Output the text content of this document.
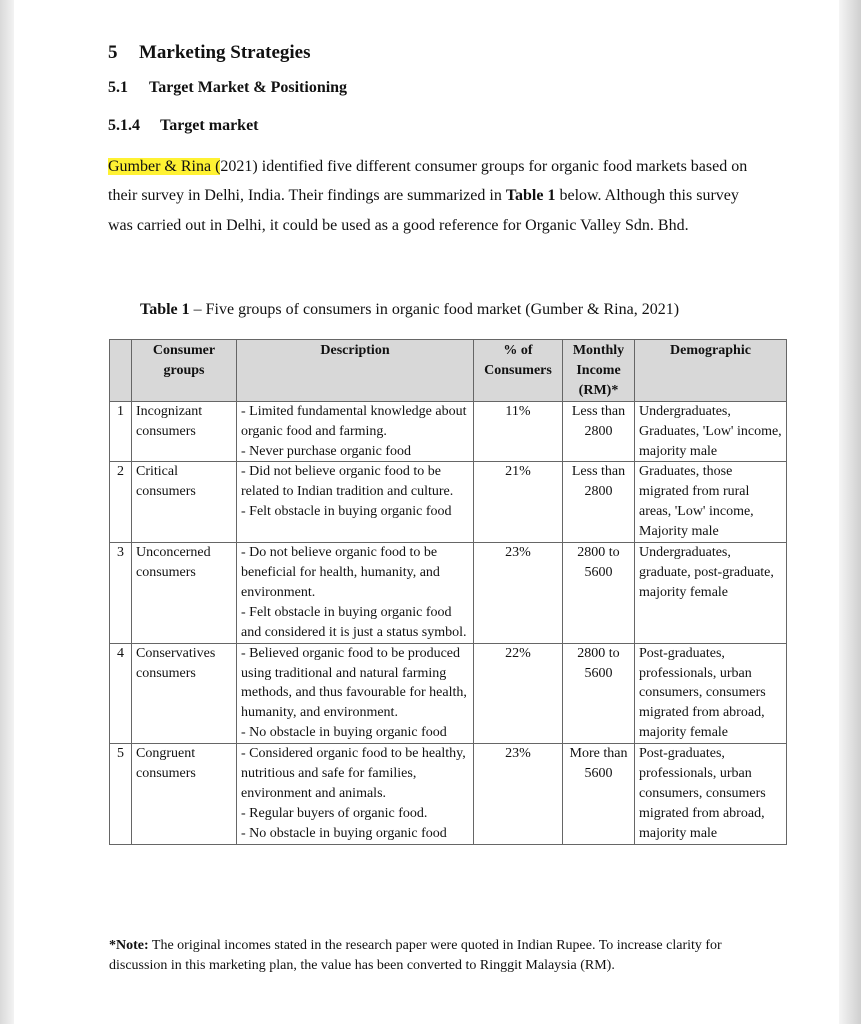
5 Marketing Strategies
5.1 Target Market & Positioning
5.1.4 Target market

Gumber & Rina (2021) identified five different consumer groups for organic food markets based on their survey in Delhi, India. Their findings are summarized in Table 1 below. Although this survey was carried out in Delhi, it could be used as a good reference for Organic Valley Sdn. Bhd.

Table 1 – Five groups of consumers in organic food market (Gumber & Rina, 2021)
	Consumer groups	Description	% of Consumers	Monthly Income (RM)*	Demographic
1	Incognizant consumers	- Limited fundamental knowledge about organic food and farming.
- Never purchase organic food	11%	Less than 2800	Undergraduates, Graduates, 'Low' income, majority male
2	Critical consumers	- Did not believe organic food to be related to Indian tradition and culture.
- Felt obstacle in buying organic food	21%	Less than 2800	Graduates, those migrated from rural areas, 'Low' income, Majority male
3	Unconcerned consumers	- Do not believe organic food to be beneficial for health, humanity, and environment.
- Felt obstacle in buying organic food and considered it is just a status symbol.	23%	2800 to 5600	Undergraduates, graduate, post-graduate, majority female
4	Conservatives consumers	- Believed organic food to be produced using traditional and natural farming methods, and thus favourable for health, humanity, and environment.
- No obstacle in buying organic food	22%	2800 to 5600	Post-graduates, professionals, urban consumers, consumers migrated from abroad, majority female
5	Congruent consumers	- Considered organic food to be healthy, nutritious and safe for families, environment and animals.
- Regular buyers of organic food.
- No obstacle in buying organic food	23%	More than 5600	Post-graduates, professionals, urban consumers, consumers migrated from abroad, majority male
*Note: The original incomes stated in the research paper were quoted in Indian Rupee. To increase clarity for discussion in this marketing plan, the value has been converted to Ringgit Malaysia (RM).
